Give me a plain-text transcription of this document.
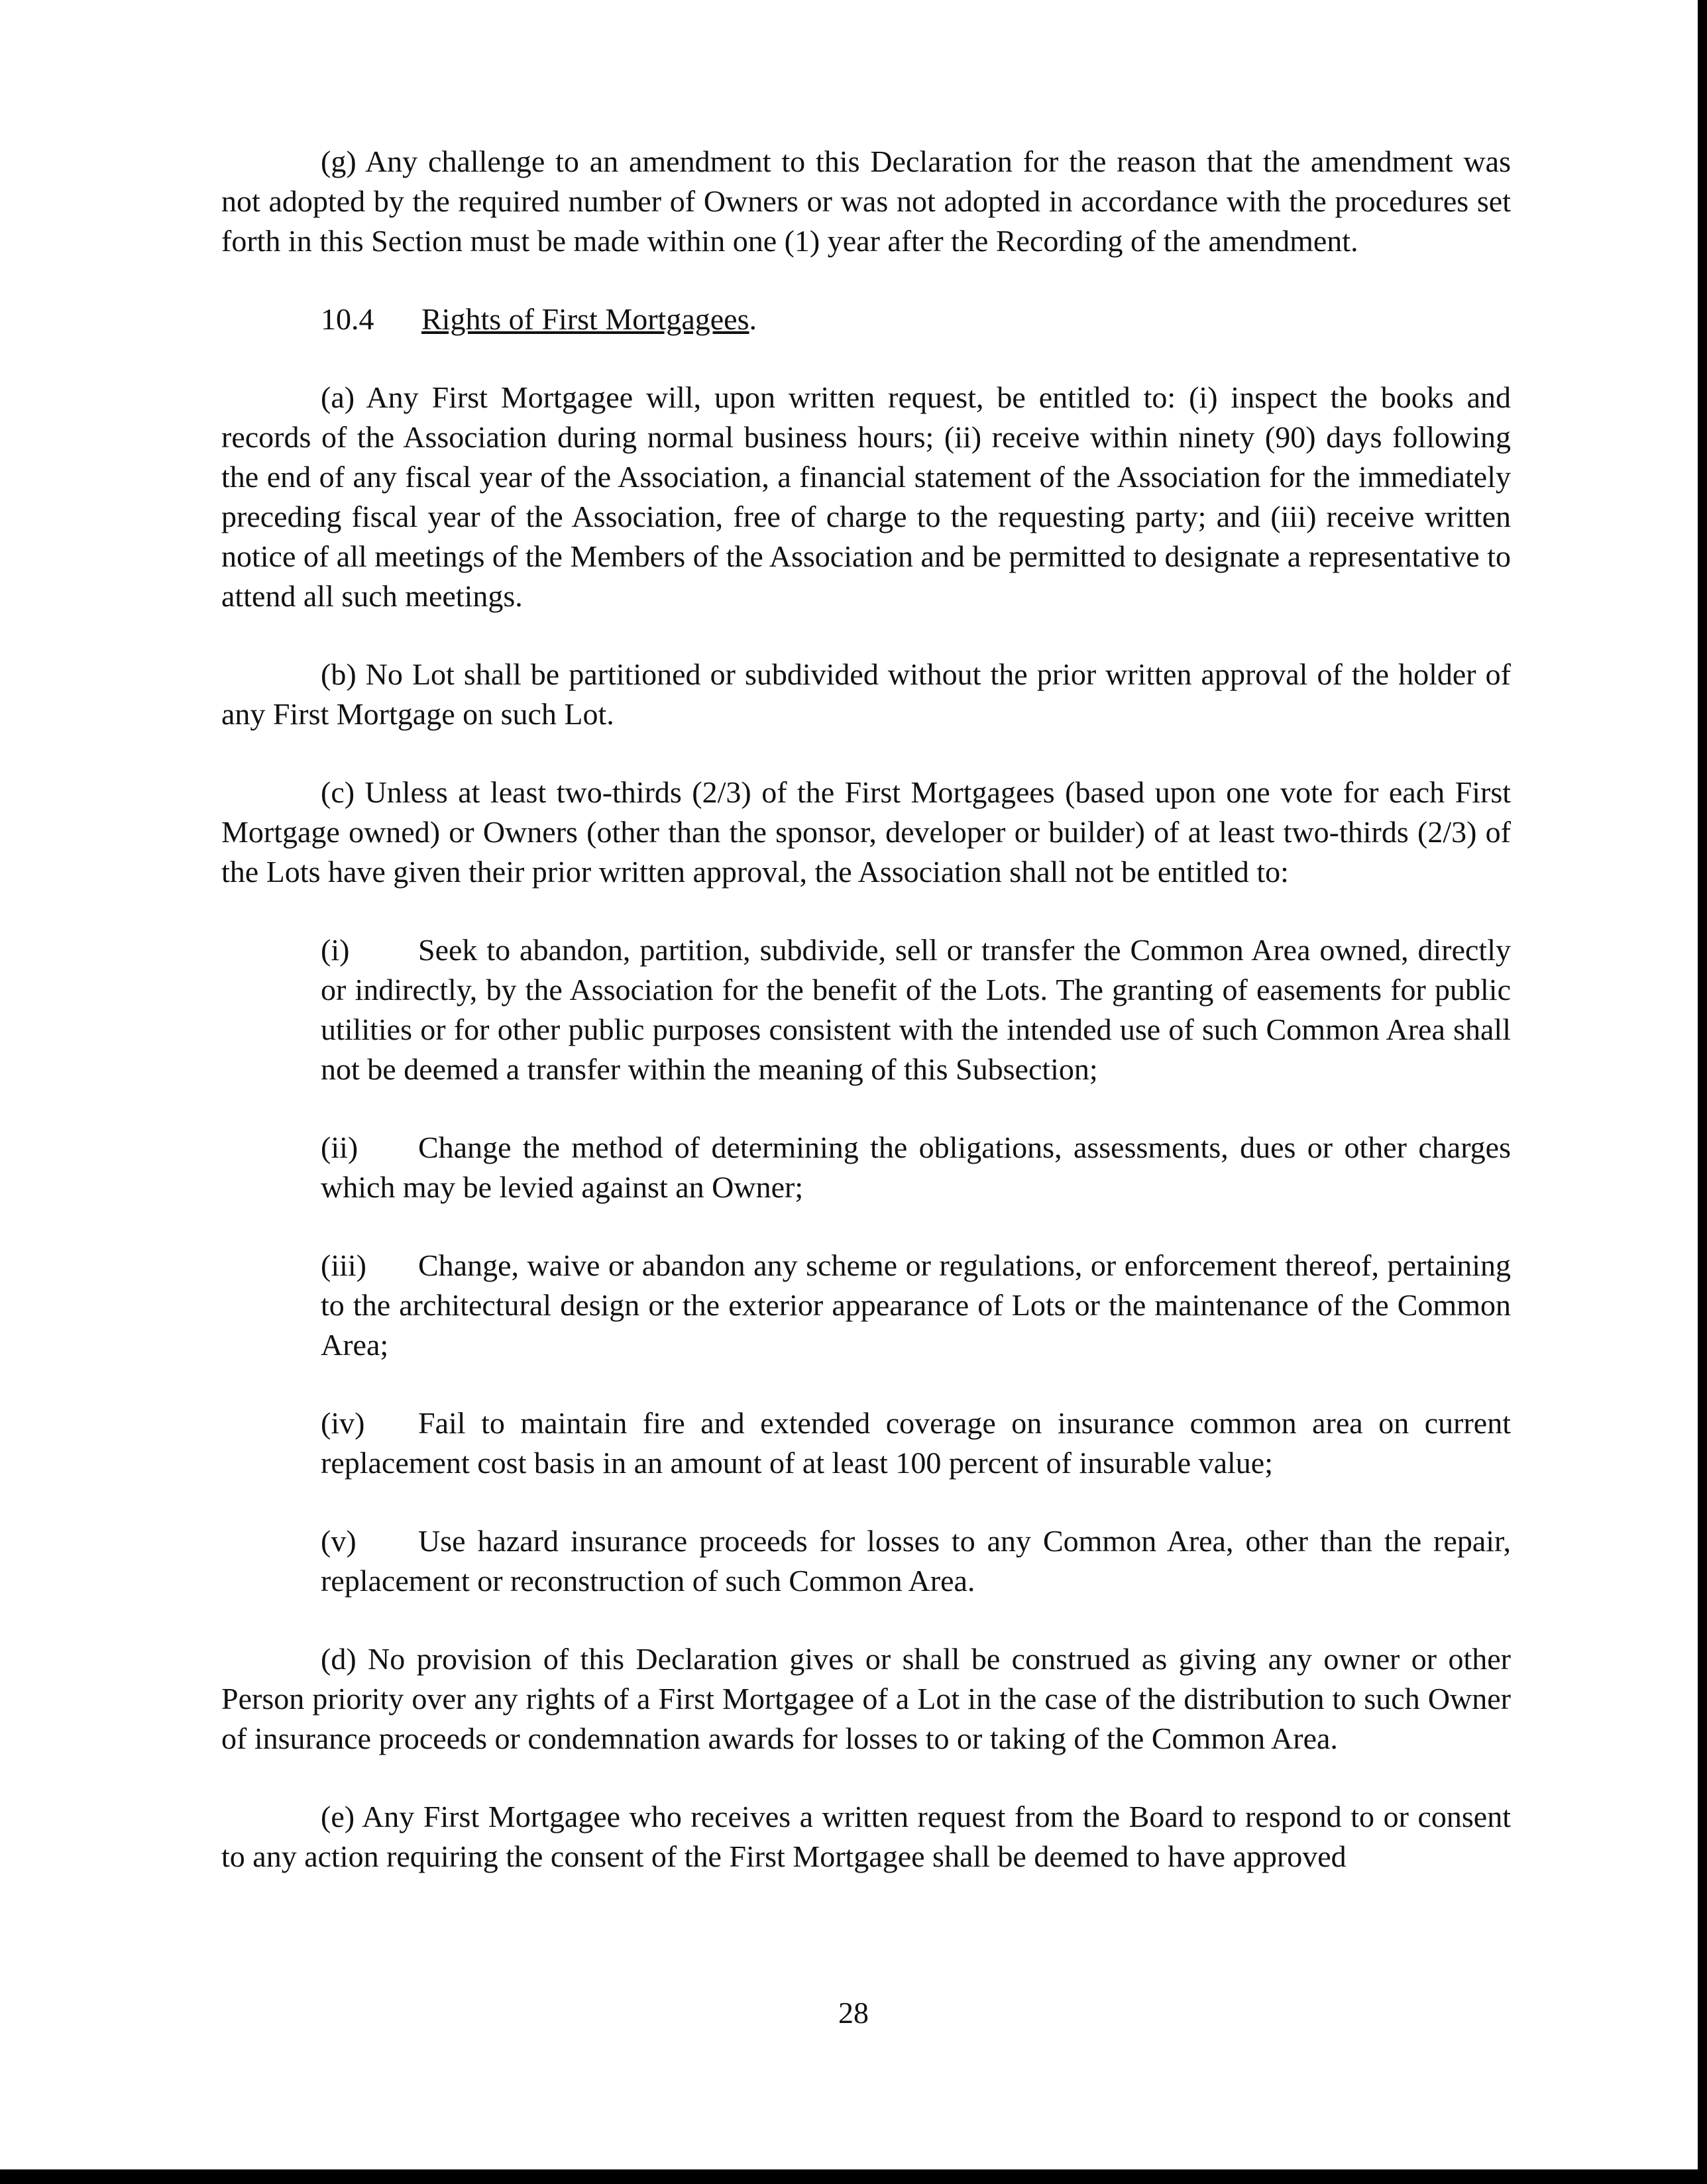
(g) Any challenge to an amendment to this Declaration for the reason that the amendment was not adopted by the required number of Owners or was not adopted in accordance with the procedures set forth in this Section must be made within one (1) year after the Recording of the amendment.

10.4 Rights of First Mortgagees.

(a) Any First Mortgagee will, upon written request, be entitled to: (i) inspect the books and records of the Association during normal business hours; (ii) receive within ninety (90) days following the end of any fiscal year of the Association, a financial statement of the Association for the immediately preceding fiscal year of the Association, free of charge to the requesting party; and (iii) receive written notice of all meetings of the Members of the Association and be permitted to designate a representative to attend all such meetings.

(b) No Lot shall be partitioned or subdivided without the prior written approval of the holder of any First Mortgage on such Lot.

(c) Unless at least two-thirds (2/3) of the First Mortgagees (based upon one vote for each First Mortgage owned) or Owners (other than the sponsor, developer or builder) of at least two-thirds (2/3) of the Lots have given their prior written approval, the Association shall not be entitled to:

(i) Seek to abandon, partition, subdivide, sell or transfer the Common Area owned, directly or indirectly, by the Association for the benefit of the Lots. The granting of easements for public utilities or for other public purposes consistent with the intended use of such Common Area shall not be deemed a transfer within the meaning of this Subsection;

(ii) Change the method of determining the obligations, assessments, dues or other charges which may be levied against an Owner;

(iii) Change, waive or abandon any scheme or regulations, or enforcement thereof, pertaining to the architectural design or the exterior appearance of Lots or the maintenance of the Common Area;

(iv) Fail to maintain fire and extended coverage on insurance common area on current replacement cost basis in an amount of at least 100 percent of insurable value;

(v) Use hazard insurance proceeds for losses to any Common Area, other than the repair, replacement or reconstruction of such Common Area.

(d) No provision of this Declaration gives or shall be construed as giving any owner or other Person priority over any rights of a First Mortgagee of a Lot in the case of the distribution to such Owner of insurance proceeds or condemnation awards for losses to or taking of the Common Area.

(e) Any First Mortgagee who receives a written request from the Board to respond to or consent to any action requiring the consent of the First Mortgagee shall be deemed to have approved

28
